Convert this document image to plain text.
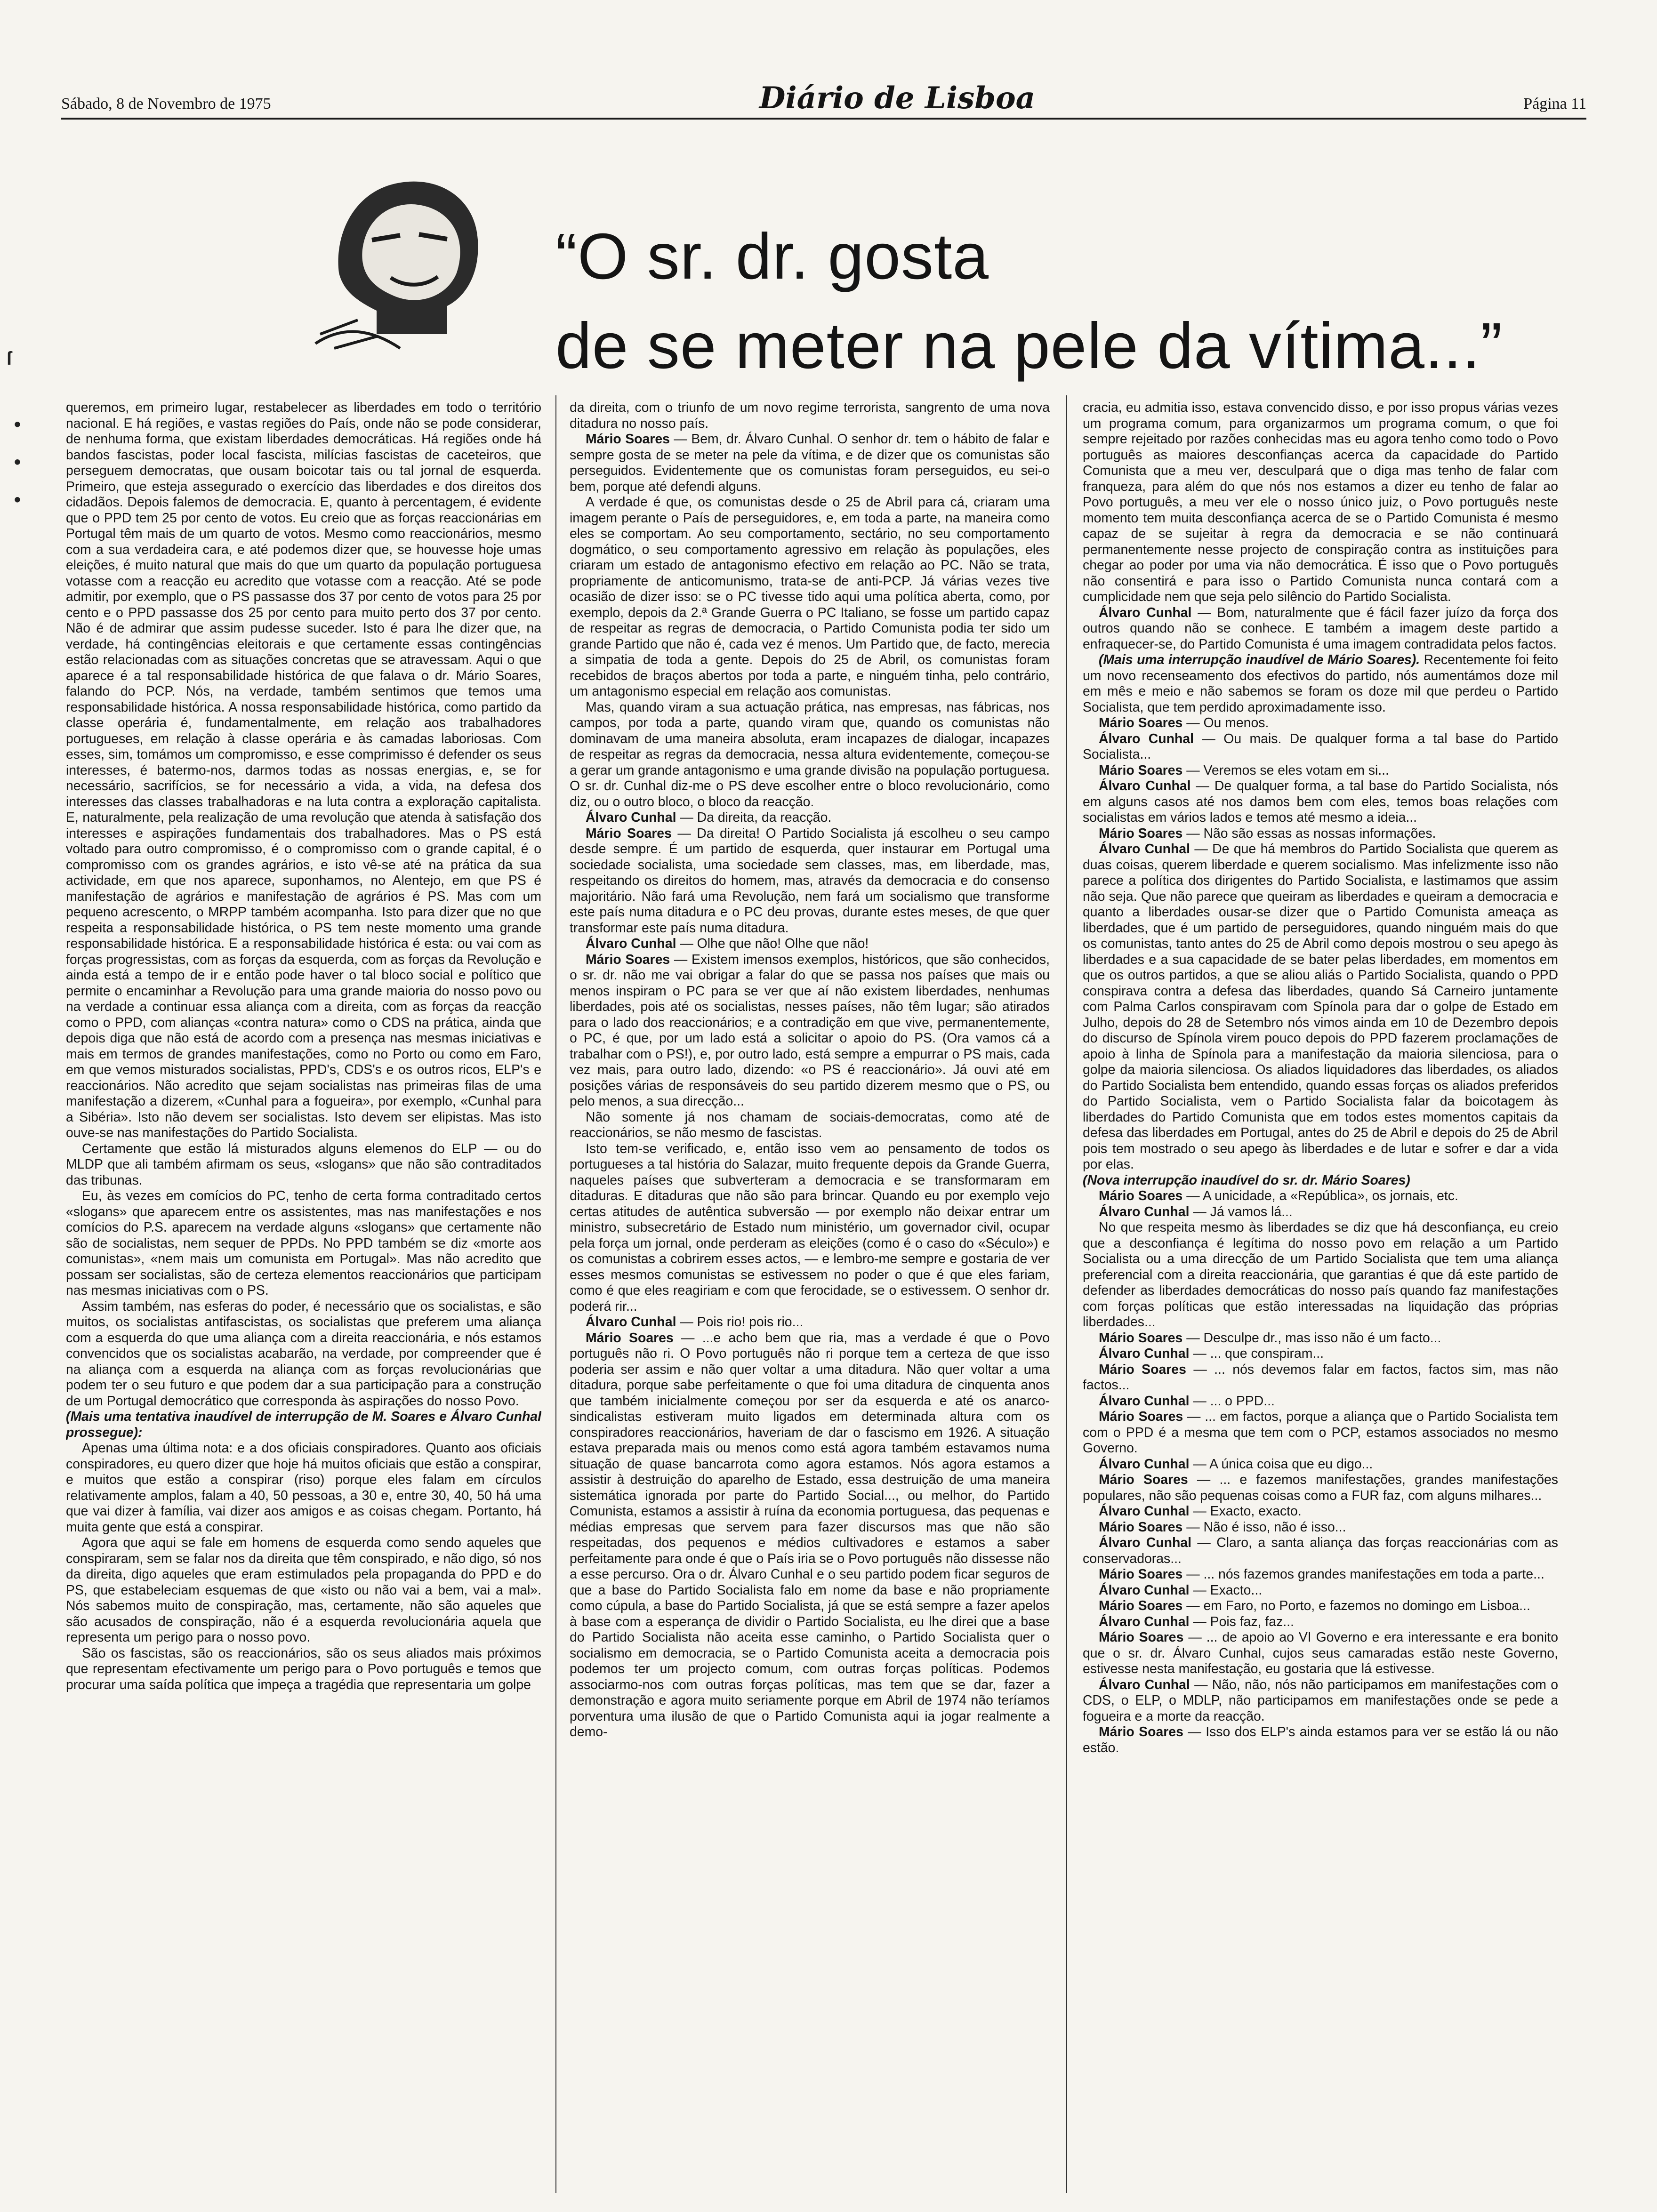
Sábado, 8 de Novembro de 1975	Diário de Lisboa	Página 11
“O sr. dr. gosta
de se meter na pele da vítima...”

queremos, em primeiro lugar, restabelecer as liberdades em todo o território nacional. E há regiões, e vastas regiões do País, onde não se pode considerar, de nenhuma forma, que existam liberdades democráticas. Há regiões onde há bandos fascistas, poder local fascista, milícias fascistas de caceteiros, que perseguem democratas, que ousam boicotar tais ou tal jornal de esquerda. Primeiro, que esteja assegurado o exercício das liberdades e dos direitos dos cidadãos. Depois falemos de democracia. E, quanto à percentagem, é evidente que o PPD tem 25 por cento de votos. Eu creio que as forças reaccionárias em Portugal têm mais de um quarto de votos. Mesmo como reaccionários, mesmo com a sua verdadeira cara, e até podemos dizer que, se houvesse hoje umas eleições, é muito natural que mais do que um quarto da população portuguesa votasse com a reacção eu acredito que votasse com a reacção. Até se pode admitir, por exemplo, que o PS passasse dos 37 por cento de votos para 25 por cento e o PPD passasse dos 25 por cento para muito perto dos 37 por cento. Não é de admirar que assim pudesse suceder. Isto é para lhe dizer que, na verdade, há contingências eleitorais e que certamente essas contingências estão relacionadas com as situações concretas que se atravessam. Aqui o que aparece é a tal responsabilidade histórica de que falava o dr. Mário Soares, falando do PCP. Nós, na verdade, também sentimos que temos uma responsabilidade histórica. A nossa responsabilidade histórica, como partido da classe operária é, fundamentalmente, em relação aos trabalhadores portugueses, em relação à classe operária e às camadas laboriosas. Com esses, sim, tomámos um compromisso, e esse comprimisso é defender os seus interesses, é batermo-nos, darmos todas as nossas energias, e, se for necessário, sacrifícios, se for necessário a vida, a vida, na defesa dos interesses das classes trabalhadoras e na luta contra a exploração capitalista. E, naturalmente, pela realização de uma revolução que atenda à satisfação dos interesses e aspirações fundamentais dos trabalhadores. Mas o PS está voltado para outro compromisso, é o compromisso com o grande capital, é o compromisso com os grandes agrários, e isto vê-se até na prática da sua actividade, em que nos aparece, suponhamos, no Alentejo, em que PS é manifestação de agrários e manifestação de agrários é PS. Mas com um pequeno acrescento, o MRPP também acompanha. Isto para dizer que no que respeita a responsabilidade histórica, o PS tem neste momento uma grande responsabilidade histórica. E a responsabilidade histórica é esta: ou vai com as forças progressistas, com as forças da esquerda, com as forças da Revolução e ainda está a tempo de ir e então pode haver o tal bloco social e político que permite o encaminhar a Revolução para uma grande maioria do nosso povo ou na verdade a continuar essa aliança com a direita, com as forças da reacção como o PPD, com alianças «contra natura» como o CDS na prática, ainda que depois diga que não está de acordo com a presença nas mesmas iniciativas e mais em termos de grandes manifestações, como no Porto ou como em Faro, em que vemos misturados socialistas, PPD's, CDS's e os outros ricos, ELP's e reaccionários. Não acredito que sejam socialistas nas primeiras filas de uma manifestação a dizerem, «Cunhal para a fogueira», por exemplo, «Cunhal para a Sibéria». Isto não devem ser socialistas. Isto devem ser elipistas. Mas isto ouve-se nas manifestações do Partido Socialista.

Certamente que estão lá misturados alguns elemenos do ELP — ou do MLDP que ali também afirmam os seus, «slogans» que não são contraditados das tribunas.

Eu, às vezes em comícios do PC, tenho de certa forma contraditado certos «slogans» que aparecem entre os assistentes, mas nas manifestações e nos comícios do P.S. aparecem na verdade alguns «slogans» que certamente não são de socialistas, nem sequer de PPDs. No PPD também se diz «morte aos comunistas», «nem mais um comunista em Portugal». Mas não acredito que possam ser socialistas, são de certeza elementos reaccionários que participam nas mesmas iniciativas com o PS.

Assim também, nas esferas do poder, é necessário que os socialistas, e são muitos, os socialistas antifascistas, os socialistas que preferem uma aliança com a esquerda do que uma aliança com a direita reaccionária, e nós estamos convencidos que os socialistas acabarão, na verdade, por compreender que é na aliança com a esquerda na aliança com as forças revolucionárias que podem ter o seu futuro e que podem dar a sua participação para a construção de um Portugal democrático que corresponda às aspirações do nosso Povo.

(Mais uma tentativa inaudível de interrupção de M. Soares e Álvaro Cunhal prossegue):

Apenas uma última nota: e a dos oficiais conspiradores. Quanto aos oficiais conspiradores, eu quero dizer que hoje há muitos oficiais que estão a conspirar, e muitos que estão a conspirar (riso) porque eles falam em círculos relativamente amplos, falam a 40, 50 pessoas, a 30 e, entre 30, 40, 50 há uma que vai dizer à família, vai dizer aos amigos e as coisas chegam. Portanto, há muita gente que está a conspirar.

Agora que aqui se fale em homens de esquerda como sendo aqueles que conspiraram, sem se falar nos da direita que têm conspirado, e não digo, só nos da direita, digo aqueles que eram estimulados pela propaganda do PPD e do PS, que estabeleciam esquemas de que «isto ou não vai a bem, vai a mal». Nós sabemos muito de conspiração, mas, certamente, não são aqueles que são acusados de conspiração, não é a esquerda revolucionária aquela que representa um perigo para o nosso povo.

São os fascistas, são os reaccionários, são os seus aliados mais próximos que representam efectivamente um perigo para o Povo português e temos que procurar uma saída política que impeça a tragédia que representaria um golpe

da direita, com o triunfo de um novo regime terrorista, sangrento de uma nova ditadura no nosso país.

Mário Soares — Bem, dr. Álvaro Cunhal. O senhor dr. tem o hábito de falar e sempre gosta de se meter na pele da vítima, e de dizer que os comunistas são perseguidos. Evidentemente que os comunistas foram perseguidos, eu sei-o bem, porque até defendi alguns.

A verdade é que, os comunistas desde o 25 de Abril para cá, criaram uma imagem perante o País de perseguidores, e, em toda a parte, na maneira como eles se comportam. Ao seu comportamento, sectário, no seu comportamento dogmático, o seu comportamento agressivo em relação às populações, eles criaram um estado de antagonismo efectivo em relação ao PC. Não se trata, propriamente de anticomunismo, trata-se de anti-PCP. Já várias vezes tive ocasião de dizer isso: se o PC tivesse tido aqui uma política aberta, como, por exemplo, depois da 2.ª Grande Guerra o PC Italiano, se fosse um partido capaz de respeitar as regras de democracia, o Partido Comunista podia ter sido um grande Partido que não é, cada vez é menos. Um Partido que, de facto, merecia a simpatia de toda a gente. Depois do 25 de Abril, os comunistas foram recebidos de braços abertos por toda a parte, e ninguém tinha, pelo contrário, um antagonismo especial em relação aos comunistas.

Mas, quando viram a sua actuação prática, nas empresas, nas fábricas, nos campos, por toda a parte, quando viram que, quando os comunistas não dominavam de uma maneira absoluta, eram incapazes de dialogar, incapazes de respeitar as regras da democracia, nessa altura evidentemente, começou-se a gerar um grande antagonismo e uma grande divisão na população portuguesa. O sr. dr. Cunhal diz-me o PS deve escolher entre o bloco revolucionário, como diz, ou o outro bloco, o bloco da reacção.

Álvaro Cunhal — Da direita, da reacção.

Mário Soares — Da direita! O Partido Socialista já escolheu o seu campo desde sempre. É um partido de esquerda, quer instaurar em Portugal uma sociedade socialista, uma sociedade sem classes, mas, em liberdade, mas, respeitando os direitos do homem, mas, através da democracia e do consenso majoritário. Não fará uma Revolução, nem fará um socialismo que transforme este país numa ditadura e o PC deu provas, durante estes meses, de que quer transformar este país numa ditadura.

Álvaro Cunhal — Olhe que não! Olhe que não!

Mário Soares — Existem imensos exemplos, históricos, que são conhecidos, o sr. dr. não me vai obrigar a falar do que se passa nos países que mais ou menos inspiram o PC para se ver que aí não existem liberdades, nenhumas liberdades, pois até os socialistas, nesses países, não têm lugar; são atirados para o lado dos reaccionários; e a contradição em que vive, permanentemente, o PC, é que, por um lado está a solicitar o apoio do PS. (Ora vamos cá a trabalhar com o PS!), e, por outro lado, está sempre a empurrar o PS mais, cada vez mais, para outro lado, dizendo: «o PS é reaccionário». Já ouvi até em posições várias de responsáveis do seu partido dizerem mesmo que o PS, ou pelo menos, a sua direcção...

Não somente já nos chamam de sociais-democratas, como até de reaccionários, se não mesmo de fascistas.

Isto tem-se verificado, e, então isso vem ao pensamento de todos os portugueses a tal história do Salazar, muito frequente depois da Grande Guerra, naqueles países que subverteram a democracia e se transformaram em ditaduras. E ditaduras que não são para brincar. Quando eu por exemplo vejo certas atitudes de autêntica subversão — por exemplo não deixar entrar um ministro, subsecretário de Estado num ministério, um governador civil, ocupar pela força um jornal, onde perderam as eleições (como é o caso do «Século») e os comunistas a cobrirem esses actos, — e lembro-me sempre e gostaria de ver esses mesmos comunistas se estivessem no poder o que é que eles fariam, como é que eles reagiriam e com que ferocidade, se o estivessem. O senhor dr. poderá rir...

Álvaro Cunhal — Pois rio! pois rio...

Mário Soares — ...e acho bem que ria, mas a verdade é que o Povo português não ri. O Povo português não ri porque tem a certeza de que isso poderia ser assim e não quer voltar a uma ditadura. Não quer voltar a uma ditadura, porque sabe perfeitamente o que foi uma ditadura de cinquenta anos que também inicialmente começou por ser da esquerda e até os anarco-sindicalistas estiveram muito ligados em determinada altura com os conspiradores reaccionários, haveriam de dar o fascismo em 1926. A situação estava preparada mais ou menos como está agora também estavamos numa situação de quase bancarrota como agora estamos. Nós agora estamos a assistir à destruição do aparelho de Estado, essa destruição de uma maneira sistemática ignorada por parte do Partido Social..., ou melhor, do Partido Comunista, estamos a assistir à ruína da economia portuguesa, das pequenas e médias empresas que servem para fazer discursos mas que não são respeitadas, dos pequenos e médios cultivadores e estamos a saber perfeitamente para onde é que o País iria se o Povo português não dissesse não a esse percurso. Ora o dr. Álvaro Cunhal e o seu partido podem ficar seguros de que a base do Partido Socialista falo em nome da base e não propriamente como cúpula, a base do Partido Socialista, já que se está sempre a fazer apelos à base com a esperança de dividir o Partido Socialista, eu lhe direi que a base do Partido Socialista não aceita esse caminho, o Partido Socialista quer o socialismo em democracia, se o Partido Comunista aceita a democracia pois podemos ter um projecto comum, com outras forças políticas. Podemos associarmo-nos com outras forças políticas, mas tem que se dar, fazer a demonstração e agora muito seriamente porque em Abril de 1974 não teríamos porventura uma ilusão de que o Partido Comunista aqui ia jogar realmente a demo-

cracia, eu admitia isso, estava convencido disso, e por isso propus várias vezes um programa comum, para organizarmos um programa comum, o que foi sempre rejeitado por razões conhecidas mas eu agora tenho como todo o Povo português as maiores desconfianças acerca da capacidade do Partido Comunista que a meu ver, desculpará que o diga mas tenho de falar com franqueza, para além do que nós nos estamos a dizer eu tenho de falar ao Povo português, a meu ver ele o nosso único juiz, o Povo português neste momento tem muita desconfiança acerca de se o Partido Comunista é mesmo capaz de se sujeitar à regra da democracia e se não continuará permanentemente nesse projecto de conspiração contra as instituições para chegar ao poder por uma via não democrática. É isso que o Povo português não consentirá e para isso o Partido Comunista nunca contará com a cumplicidade nem que seja pelo silêncio do Partido Socialista.

Álvaro Cunhal — Bom, naturalmente que é fácil fazer juízo da força dos outros quando não se conhece. E também a imagem deste partido a enfraquecer-se, do Partido Comunista é uma imagem contradidata pelos factos.

(Mais uma interrupção inaudível de Mário Soares). Recentemente foi feito um novo recenseamento dos efectivos do partido, nós aumentámos doze mil em mês e meio e não sabemos se foram os doze mil que perdeu o Partido Socialista, que tem perdido aproximadamente isso.

Mário Soares — Ou menos.

Álvaro Cunhal — Ou mais. De qualquer forma a tal base do Partido Socialista...

Mário Soares — Veremos se eles votam em si...

Álvaro Cunhal — De qualquer forma, a tal base do Partido Socialista, nós em alguns casos até nos damos bem com eles, temos boas relações com socialistas em vários lados e temos até mesmo a ideia...

Mário Soares — Não são essas as nossas informações.

Álvaro Cunhal — De que há membros do Partido Socialista que querem as duas coisas, querem liberdade e querem socialismo. Mas infelizmente isso não parece a política dos dirigentes do Partido Socialista, e lastimamos que assim não seja. Que não parece que queiram as liberdades e queiram a democracia e quanto a liberdades ousar-se dizer que o Partido Comunista ameaça as liberdades, que é um partido de perseguidores, quando ninguém mais do que os comunistas, tanto antes do 25 de Abril como depois mostrou o seu apego às liberdades e a sua capacidade de se bater pelas liberdades, em momentos em que os outros partidos, a que se aliou aliás o Partido Socialista, quando o PPD conspirava contra a defesa das liberdades, quando Sá Carneiro juntamente com Palma Carlos conspiravam com Spínola para dar o golpe de Estado em Julho, depois do 28 de Setembro nós vimos ainda em 10 de Dezembro depois do discurso de Spínola virem pouco depois do PPD fazerem proclamações de apoio à linha de Spínola para a manifestação da maioria silenciosa, para o golpe da maioria silenciosa. Os aliados liquidadores das liberdades, os aliados do Partido Socialista bem entendido, quando essas forças os aliados preferidos do Partido Socialista, vem o Partido Socialista falar da boicotagem às liberdades do Partido Comunista que em todos estes momentos capitais da defesa das liberdades em Portugal, antes do 25 de Abril e depois do 25 de Abril pois tem mostrado o seu apego às liberdades e de lutar e sofrer e dar a vida por elas.

(Nova interrupção inaudível do sr. dr. Mário Soares)

Mário Soares — A unicidade, a «República», os jornais, etc.

Álvaro Cunhal — Já vamos lá...

No que respeita mesmo às liberdades se diz que há desconfiança, eu creio que a desconfiança é legítima do nosso povo em relação a um Partido Socialista ou a uma direcção de um Partido Socialista que tem uma aliança preferencial com a direita reaccionária, que garantias é que dá este partido de defender as liberdades democráticas do nosso país quando faz manifestações com forças políticas que estão interessadas na liquidação das próprias liberdades...

Mário Soares — Desculpe dr., mas isso não é um facto...

Álvaro Cunhal — ... que conspiram...

Mário Soares — ... nós devemos falar em factos, factos sim, mas não factos...

Álvaro Cunhal — ... o PPD...

Mário Soares — ... em factos, porque a aliança que o Partido Socialista tem com o PPD é a mesma que tem com o PCP, estamos associados no mesmo Governo.

Álvaro Cunhal — A única coisa que eu digo...

Mário Soares — ... e fazemos manifestações, grandes manifestações populares, não são pequenas coisas como a FUR faz, com alguns milhares...

Álvaro Cunhal — Exacto, exacto.

Mário Soares — Não é isso, não é isso...

Álvaro Cunhal — Claro, a santa aliança das forças reaccionárias com as conservadoras...

Mário Soares — ... nós fazemos grandes manifestações em toda a parte...

Álvaro Cunhal — Exacto...

Mário Soares — em Faro, no Porto, e fazemos no domingo em Lisboa...

Álvaro Cunhal — Pois faz, faz...

Mário Soares — ... de apoio ao VI Governo e era interessante e era bonito que o sr. dr. Álvaro Cunhal, cujos seus camaradas estão neste Governo, estivesse nesta manifestação, eu gostaria que lá estivesse.

Álvaro Cunhal — Não, não, nós não participamos em manifestações com o CDS, o ELP, o MDLP, não participamos em manifestações onde se pede a fogueira e a morte da reacção.

Mário Soares — Isso dos ELP's ainda estamos para ver se estão lá ou não estão.

ſ
•
•
•
